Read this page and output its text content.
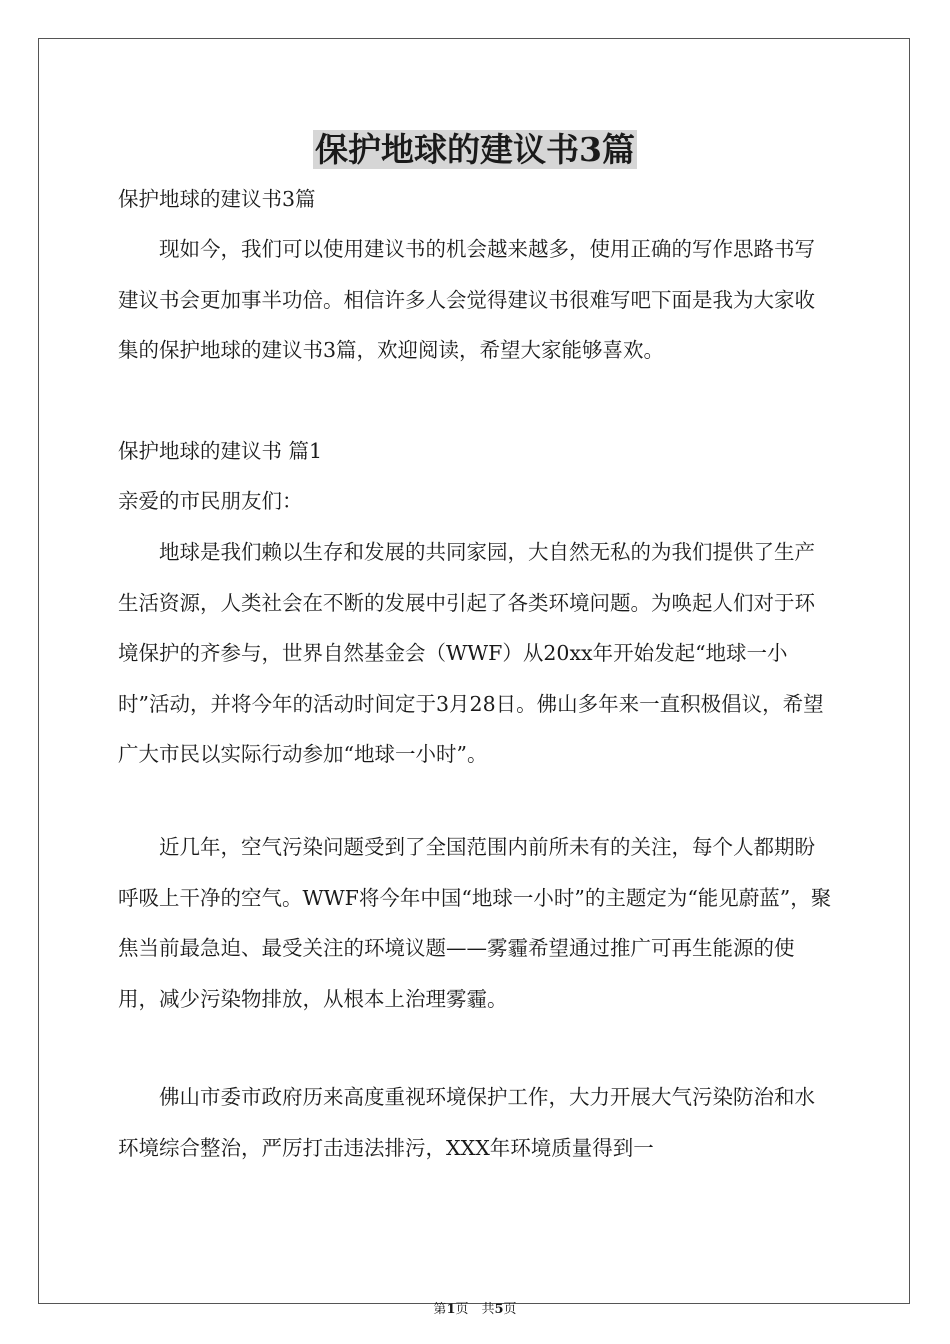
保护地球的建议书3篇

保护地球的建议书3篇

现如今，我们可以使用建议书的机会越来越多，使用正确的写作思路书写建议书会更加事半功倍。相信许多人会觉得建议书很难写吧下面是我为大家收集的保护地球的建议书3篇，欢迎阅读，希望大家能够喜欢。

保护地球的建议书 篇1

亲爱的市民朋友们：

地球是我们赖以生存和发展的共同家园，大自然无私的为我们提供了生产生活资源，人类社会在不断的发展中引起了各类环境问题。为唤起人们对于环境保护的齐参与，世界自然基金会（WWF）从20xx年开始发起“地球一小时”活动，并将今年的活动时间定于3月28日。佛山多年来一直积极倡议，希望广大市民以实际行动参加“地球一小时”。

近几年，空气污染问题受到了全国范围内前所未有的关注，每个人都期盼呼吸上干净的空气。WWF将今年中国“地球一小时”的主题定为“能见蔚蓝”，聚焦当前最急迫、最受关注的环境议题——雾霾希望通过推广可再生能源的使用，减少污染物排放，从根本上治理雾霾。

佛山市委市政府历来高度重视环境保护工作，大力开展大气污染防治和水环境综合整治，严厉打击违法排污，XXX年环境质量得到一

第1页　共5页
